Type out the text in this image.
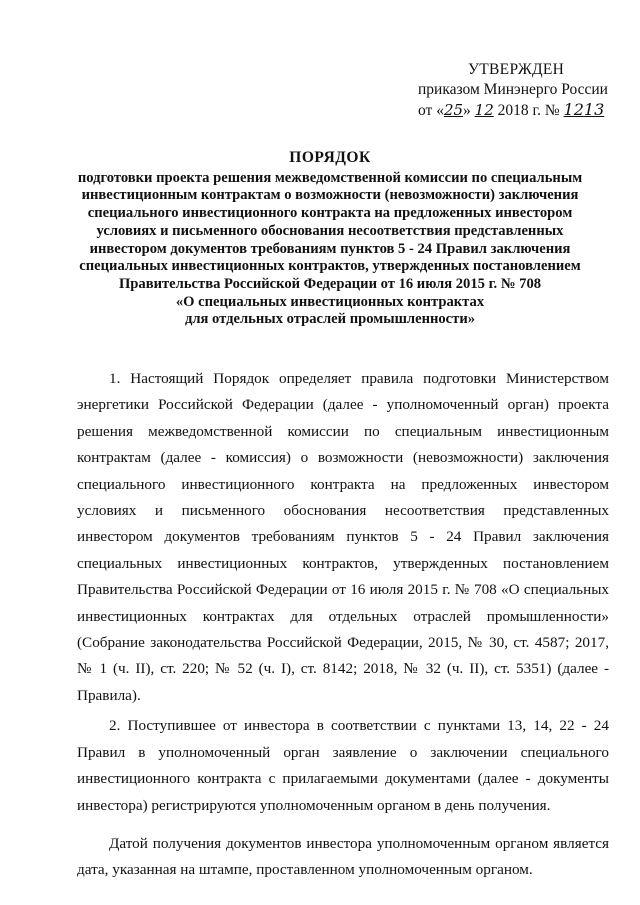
УТВЕРЖДЕН
приказом Минэнерго России
от «25» 12 2018 г. № 1213
ПОРЯДОК
подготовки проекта решения межведомственной комиссии по специальным
инвестиционным контрактам о возможности (невозможности) заключения
специального инвестиционного контракта на предложенных инвестором
условиях и письменного обоснования несоответствия представленных
инвестором документов требованиям пунктов 5 - 24 Правил заключения
специальных инвестиционных контрактов, утвержденных постановлением
Правительства Российской Федерации от 16 июля 2015 г. № 708
«О специальных инвестиционных контрактах
для отдельных отраслей промышленности»

1. Настоящий Порядок определяет правила подготовки Министерством энергетики Российской Федерации (далее - уполномоченный орган) проекта решения межведомственной комиссии по специальным инвестиционным контрактам (далее - комиссия) о возможности (невозможности) заключения специального инвестиционного контракта на предложенных инвестором условиях и письменного обоснования несоответствия представленных инвестором документов требованиям пунктов 5 - 24 Правил заключения специальных инвестиционных контрактов, утвержденных постановлением Правительства Российской Федерации от 16 июля 2015 г. № 708 «О специальных инвестиционных контрактах для отдельных отраслей промышленности» (Собрание законодательства Российской Федерации, 2015, № 30, ст. 4587; 2017, № 1 (ч. II), ст. 220; № 52 (ч. I), ст. 8142; 2018, № 32 (ч. II), ст. 5351) (далее - Правила).

2. Поступившее от инвестора в соответствии с пунктами 13, 14, 22 - 24 Правил в уполномоченный орган заявление о заключении специального инвестиционного контракта с прилагаемыми документами (далее - документы инвестора) регистрируются уполномоченным органом в день получения.

Датой получения документов инвестора уполномоченным органом является дата, указанная на штампе, проставленном уполномоченным органом.
